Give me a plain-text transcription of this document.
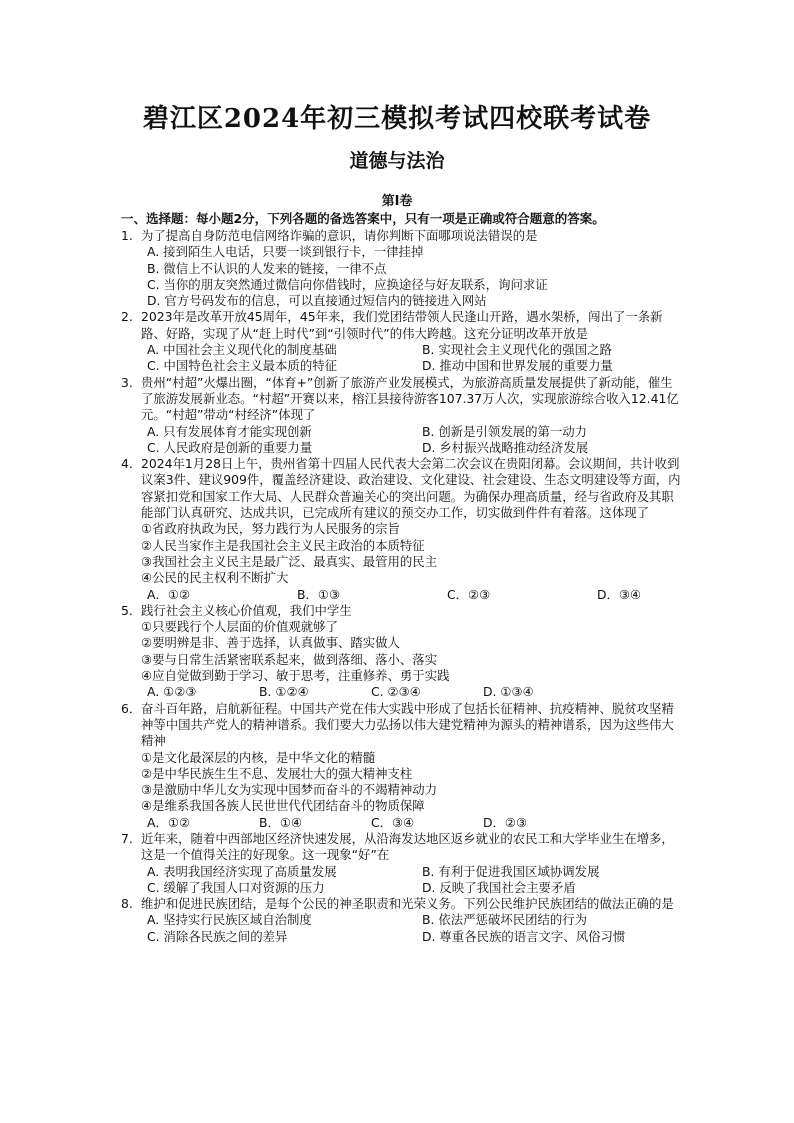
碧江区2024年初三模拟考试四校联考试卷
道德与法治
第Ⅰ卷
一、选择题：每小题2分，下列各题的备选答案中，只有一项是正确或符合题意的答案。
1. 为了提高自身防范电信网络诈骗的意识，请你判断下面哪项说法错误的是
A. 接到陌生人电话，只要一谈到银行卡，一律挂掉
B. 微信上不认识的人发来的链接，一律不点
C. 当你的朋友突然通过微信向你借钱时，应换途径与好友联系，询问求证
D. 官方号码发布的信息，可以直接通过短信内的链接进入网站
2. 2023年是改革开放45周年，45年来，我们党团结带领人民逢山开路，遇水架桥，闯出了一条新路、好路，实现了从“赶上时代”到“引领时代”的伟大跨越。这充分证明改革开放是
A. 中国社会主义现代化的制度基础	B. 实现社会主义现代化的强国之路
C. 中国特色社会主义最本质的特征	D. 推动中国和世界发展的重要力量
3. 贵州“村超”火爆出圈，“体育+”创新了旅游产业发展模式，为旅游高质量发展提供了新动能，催生了旅游发展新业态。“村超”开赛以来，榕江县接待游客107.37万人次，实现旅游综合收入12.41亿元。“村超”带动“村经济”体现了
A. 只有发展体育才能实现创新	B. 创新是引领发展的第一动力
C. 人民政府是创新的重要力量	D. 乡村振兴战略推动经济发展
4. 2024年1月28日上午，贵州省第十四届人民代表大会第二次会议在贵阳闭幕。会议期间，共计收到议案3件、建议909件，覆盖经济建设、政治建设、文化建设、社会建设、生态文明建设等方面，内容紧扣党和国家工作大局、人民群众普遍关心的突出问题。为确保办理高质量，经与省政府及其职能部门认真研究、达成共识，已完成所有建议的预交办工作，切实做到件件有着落。这体现了
①省政府执政为民，努力践行为人民服务的宗旨
②人民当家作主是我国社会主义民主政治的本质特征
③我国社会主义民主是最广泛、最真实、最管用的民主
④公民的民主权利不断扩大
A．①②	B．①③	C．②③	D．③④
5. 践行社会主义核心价值观，我们中学生
①只要践行个人层面的价值观就够了
②要明辨是非、善于选择，认真做事、踏实做人
③要与日常生活紧密联系起来，做到落细、落小、落实
④应自觉做到勤于学习、敏于思考，注重修养、勇于实践
A. ①②③	B. ①②④	C. ②③④	D. ①③④
6． 奋斗百年路，启航新征程。中国共产党在伟大实践中形成了包括长征精神、抗疫精神、脱贫攻坚精神等中国共产党人的精神谱系。我们要大力弘扬以伟大建党精神为源头的精神谱系，因为这些伟大精神
①是文化最深层的内核，是中华文化的精髓
②是中华民族生生不息、发展壮大的强大精神支柱
③是激励中华儿女为实现中国梦而奋斗的不竭精神动力
④是维系我国各族人民世世代代团结奋斗的物质保障
A．①②	B．①④	C．③④	D．②③
7. 近年来，随着中西部地区经济快速发展，从沿海发达地区返乡就业的农民工和大学毕业生在增多，这是一个值得关注的好现象。这一现象“好”在
A. 表明我国经济实现了高质量发展	B. 有利于促进我国区域协调发展
C. 缓解了我国人口对资源的压力	D. 反映了我国社会主要矛盾
8. 维护和促进民族团结，是每个公民的神圣职责和光荣义务。下列公民维护民族团结的做法正确的是
A. 坚持实行民族区域自治制度	B. 依法严惩破坏民团结的行为
C. 消除各民族之间的差异	D. 尊重各民族的语言文字、风俗习惯
